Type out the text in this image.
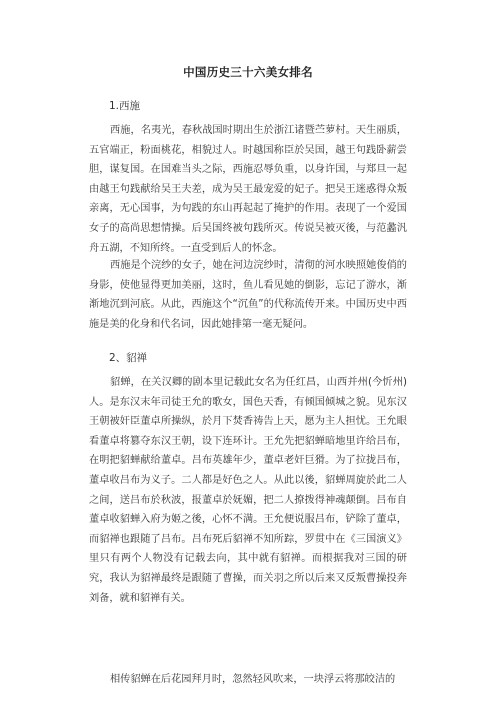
中国历史三十六美女排名
1.西施

西施，名夷光，春秋战国时期出生於浙江诸暨苎萝村。天生丽质，五官端正，粉面桃花，相貌过人。时越国称臣於吴国，越王句践卧薪尝胆，谋复国。在国难当头之际，西施忍辱负重，以身许国，与郑旦一起由越王句践献给吴王夫差，成为吴王最宠爱的妃子。把吴王迷惑得众叛亲离，无心国事，为句践的东山再起起了掩护的作用。表现了一个爱国女子的高尚思想情操。后吴国终被句践所灭。传说吴被灭後，与范蠡汎舟五湖，不知所终。一直受到后人的怀念。

西施是个浣纱的女子，她在河边浣纱时，清彻的河水映照她俊俏的身影，使他显得更加美丽，这时，鱼儿看见她的倒影，忘记了游水，渐渐地沉到河底。从此，西施这个“沉鱼”的代称流传开来。中国历史中西施是美的化身和代名词，因此她排第一毫无疑问。

2、貂禅

貂蝉，在关汉卿的剧本里记载此女名为任红昌，山西并州(今忻州)人。是东汉末年司徒王允的歌女，国色天香，有倾国倾城之貌。见东汉王朝被奸臣董卓所操纵，於月下焚香祷告上天，愿为主人担忧。王允眼看董卓将篡夺东汉王朝，设下连环计。王允先把貂蝉暗地里许给吕布，在明把貂蝉献给董卓。吕布英雄年少，董卓老奸巨猾。为了拉拢吕布，董卓收吕布为义子。二人都是好色之人。从此以後，貂蝉周旋於此二人之间，送吕布於秋波，报董卓於妩媚，把二人撩拨得神魂颠倒。吕布自董卓收貂蝉入府为姬之後，心怀不满。王允便说服吕布，铲除了董卓，而貂禅也跟随了吕布。吕布死后貂禅不知所踪，罗贯中在《三国演义》里只有两个人物没有记载去向，其中就有貂禅。而根据我对三国的研究，我认为貂禅最终是跟随了曹操，而关羽之所以后来又反叛曹操投奔刘备，就和貂禅有关。

相传貂蝉在后花园拜月时，忽然轻风吹来，一块浮云将那皎洁的
